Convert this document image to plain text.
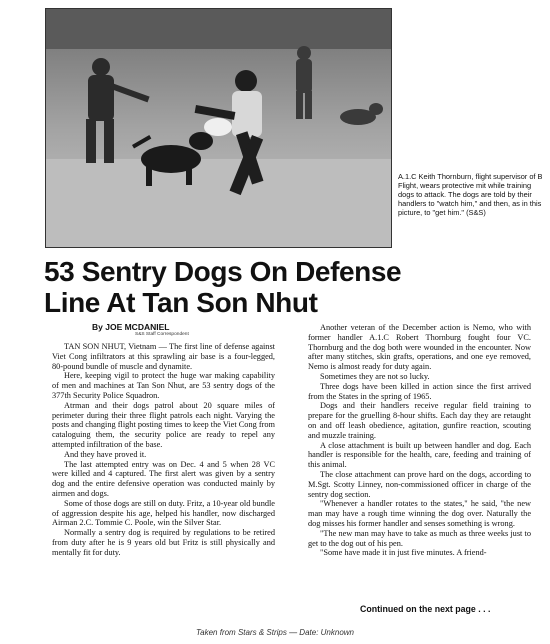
A.1.C Keith Thornburn, flight supervisor of B Flight, wears protective mit while training dogs to attack. The dogs are told by their handlers to "watch him," and then, as in this picture, to "get him." (S&S)
53 Sentry Dogs On Defense
Line At Tan Son Nhut
By JOE MCDANIEL
S&S Staff Correspondent

TAN SON NHUT, Vietnam — The first line of defense against Viet Cong infiltrators at this sprawling air base is a four-legged, 80-pound bundle of muscle and dynamite.

Here, keeping vigil to protect the huge war making capability of men and machines at Tan Son Nhut, are 53 sentry dogs of the 377th Security Police Squadron.

Atrman and their dogs patrol about 20 square miles of perimeter during their three flight patrols each night. Varying the posts and changing flight posting times to keep the Viet Cong from cataloguing them, the security police are ready to repel any attempted infiltration of the base.

And they have proved it.

The last attempted entry was on Dec. 4 and 5 when 28 VC were killed and 4 captured. The first alert was given by a sentry dog and the entire defensive operation was conducted mainly by airmen and dogs.

Some of those dogs are still on duty. Fritz, a 10-year old bundle of aggression despite his age, helped his handler, now discharged Airman 2.C. Tommie C. Poole, win the Silver Star.

Normally a sentry dog is required by regulations to be retired from duty after he is 9 years old but Fritz is still physically and mentally fit for duty.

Another veteran of the December action is Nemo, who with former handler A.1.C Robert Thornburg fought four VC. Thornburg and the dog both were wounded in the encounter. Now after many stitches, skin grafts, operations, and one eye removed, Nemo is almost ready for duty again.

Sometimes they are not so lucky.

Three dogs have been killed in action since the first arrived from the States in the spring of 1965.

Dogs and their handlers receive regular field training to prepare for the gruelling 8-hour shifts. Each day they are retaught on and off leash obedience, agitation, gunfire reaction, scouting and muzzle training.

A close attachment is built up between handler and dog. Each handler is responsible for the health, care, feeding and training of this animal.

The close attachment can prove hard on the dogs, according to M.Sgt. Scotty Linney, non-commissioned officer in charge of the sentry dog section.

"Whenever a handler rotates to the states," he said, "the new man may have a rough time winning the dog over. Naturally the dog misses his former handler and senses something is wrong.

"The new man may have to take as much as three weeks just to get to the dog out of his pen.

"Some have made it in just five minutes. A friend-

Continued on the next page . . .
Taken from Stars & Strips — Date: Unknown
